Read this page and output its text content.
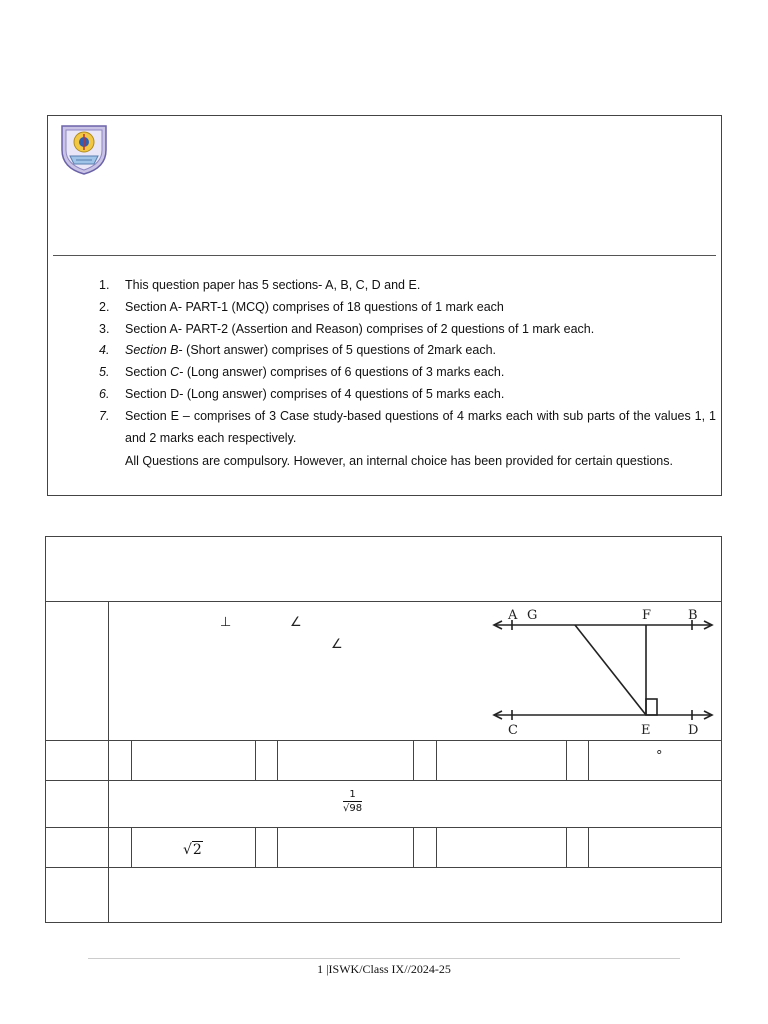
1. This question paper has 5 sections- A, B, C, D and E.
2. Section A- PART-1 (MCQ) comprises of 18 questions of 1 mark each
3. Section A- PART-2 (Assertion and Reason) comprises of 2 questions of 1 mark each.
4. Section B- (Short answer) comprises of 5 questions of 2mark each.
5. Section C- (Long answer) comprises of 6 questions of 3 marks each.
6. Section D- (Long answer) comprises of 4 questions of 5 marks each.
7. Section E – comprises of 3 Case study-based questions of 4 marks each with sub parts of the values 1, 1 and 2 marks each respectively.
All Questions are compulsory. However, an internal choice has been provided for certain questions.
⊥	∠
∠
A G	F	B
C	E	D
°
$\frac{1}{√98}$
√2
1 |ISWK/Class IX//2024-25
